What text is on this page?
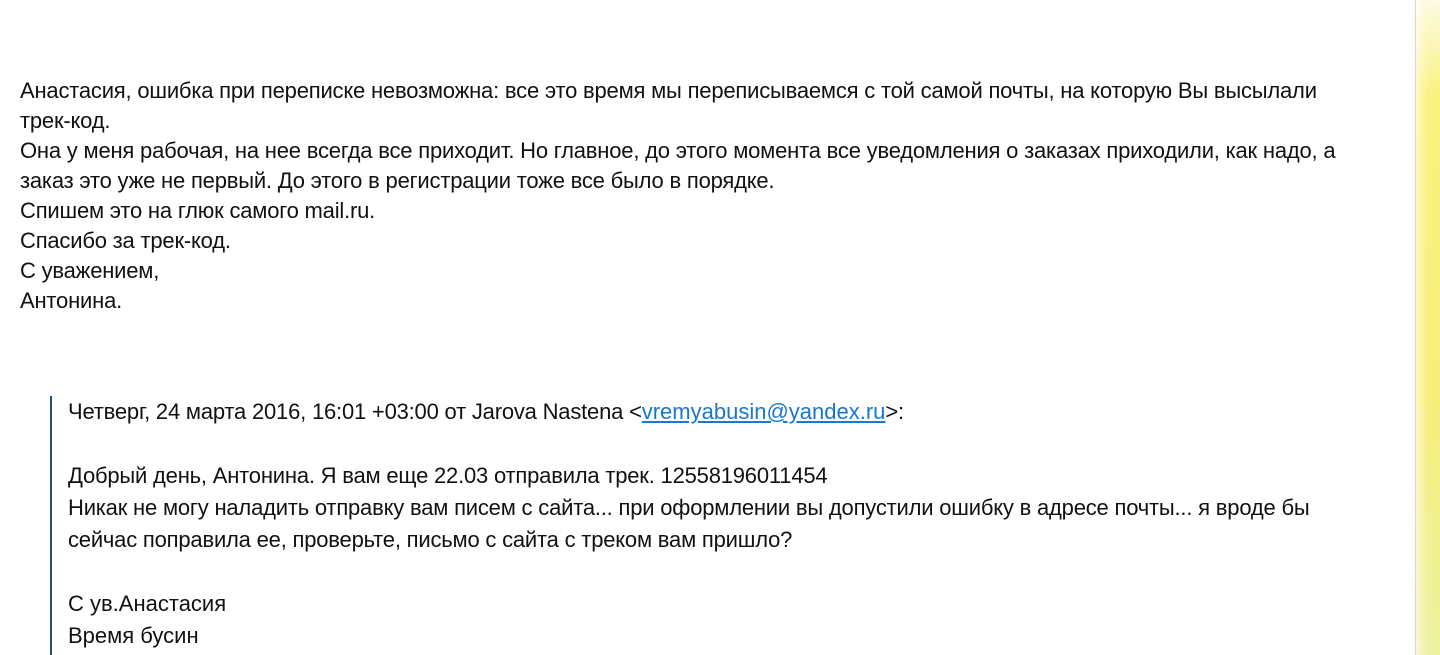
Анастасия, ошибка при переписке невозможна: все это время мы переписываемся с той самой почты, на которую Вы высылали
трек-код.
Она у меня рабочая, на нее всегда все приходит. Но главное, до этого момента все уведомления о заказах приходили, как надо, а
заказ это уже не первый. До этого в регистрации тоже все было в порядке.
Спишем это на глюк самого mail.ru.
Спасибо за трек-код.
С уважением,
Антонина.
Четверг, 24 марта 2016, 16:01 +03:00 от Jarova Nastena <vremyabusin@yandex.ru>:
Добрый день, Антонина. Я вам еще 22.03 отправила трек. 12558196011454
Никак не могу наладить отправку вам писем с сайта... при оформлении вы допустили ошибку в адресе почты... я вроде бы
сейчас поправила ее, проверьте, письмо с сайта с треком вам пришло?
С ув.Анастасия
Время бусин
